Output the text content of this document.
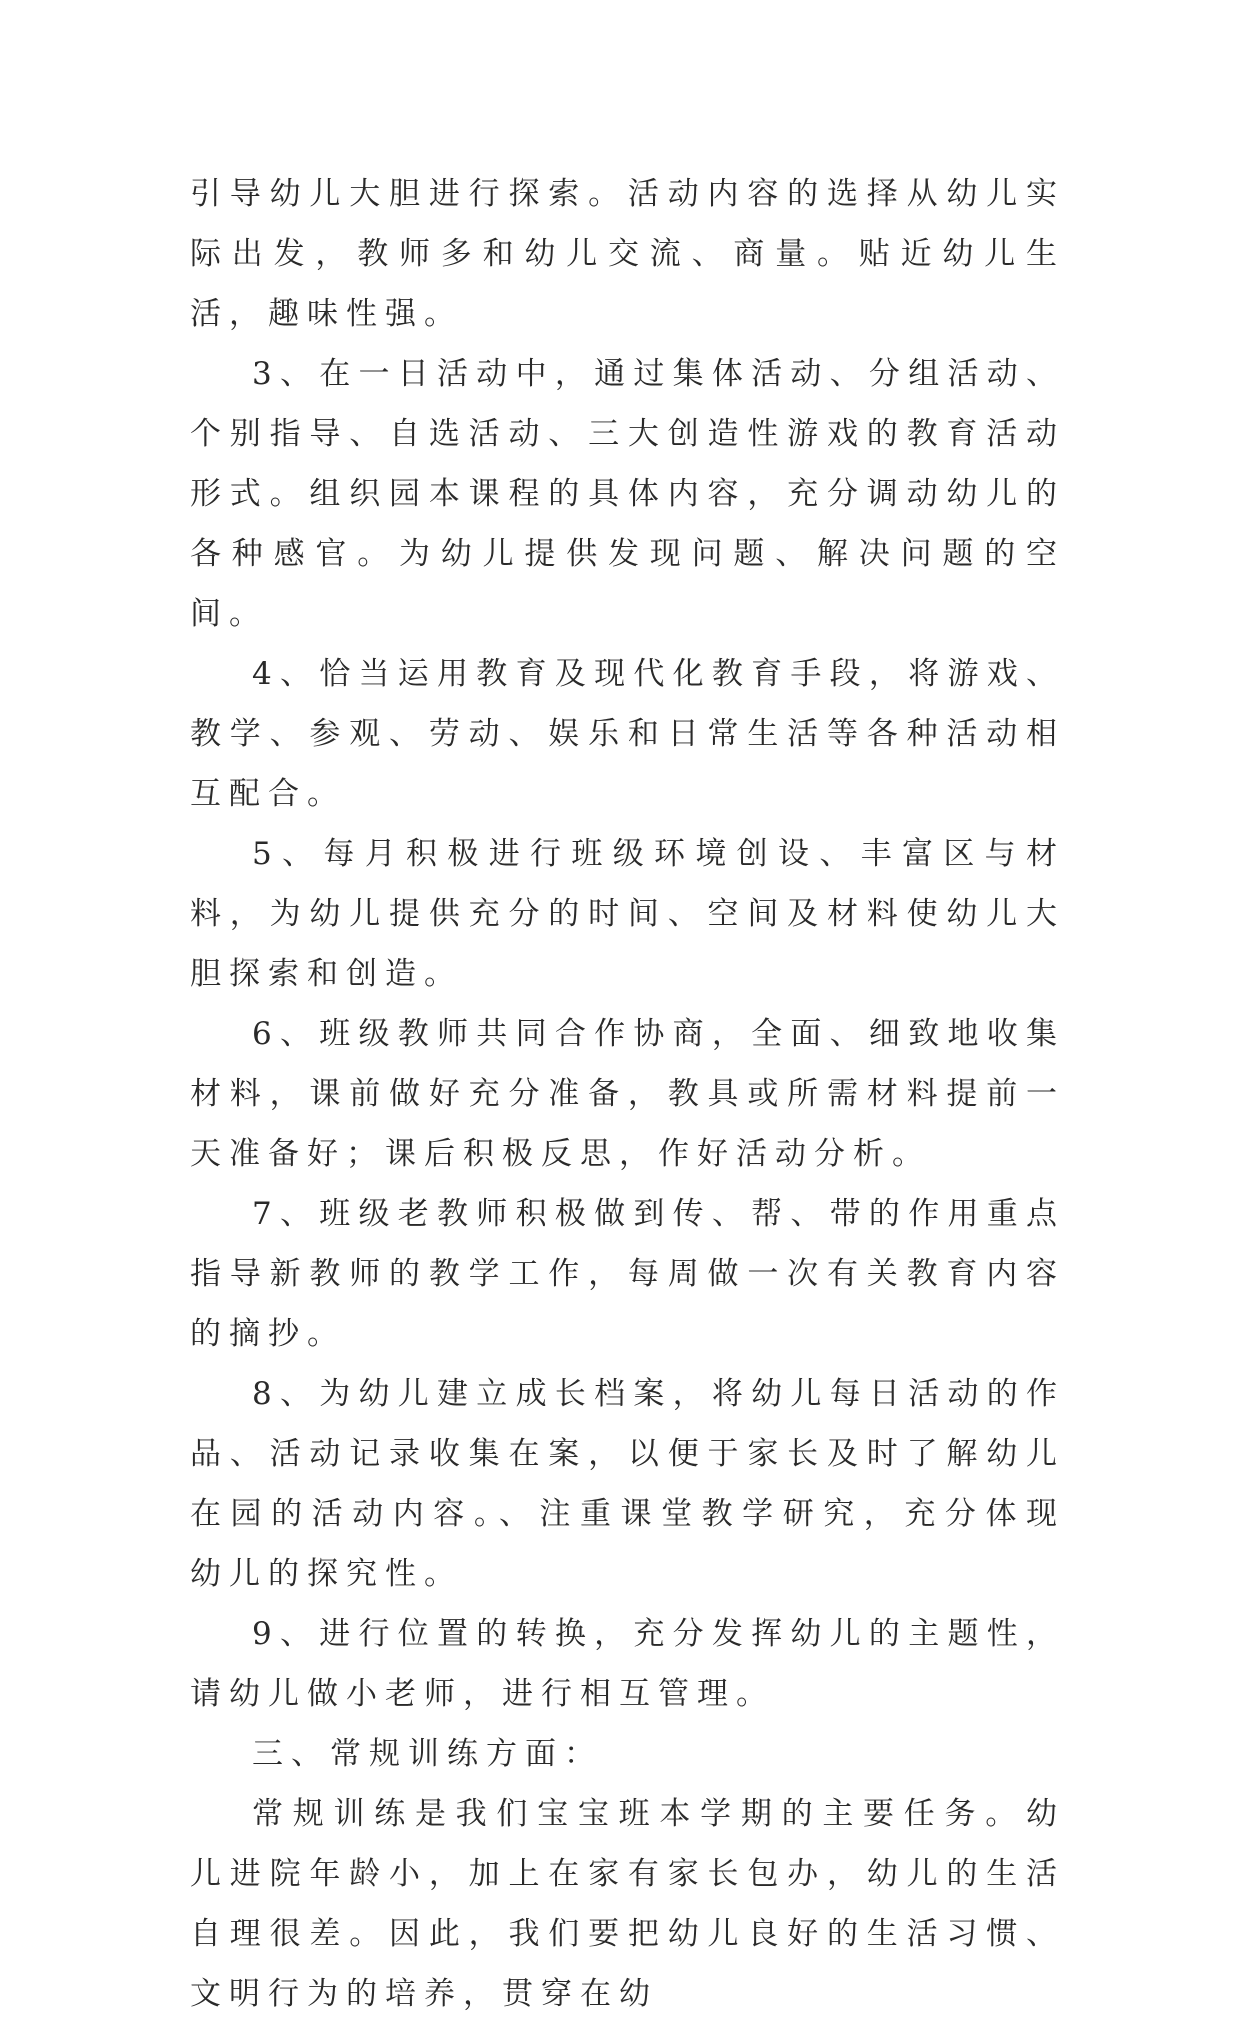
引导幼儿大胆进行探索。活动内容的选择从幼儿实际出发，教师多和幼儿交流、商量。贴近幼儿生活，趣味性强。

3、在一日活动中，通过集体活动、分组活动、个别指导、自选活动、三大创造性游戏的教育活动形式。组织园本课程的具体内容，充分调动幼儿的各种感官。为幼儿提供发现问题、解决问题的空间。

4、恰当运用教育及现代化教育手段，将游戏、教学、参观、劳动、娱乐和日常生活等各种活动相互配合。

5、每月积极进行班级环境创设、丰富区与材料，为幼儿提供充分的时间、空间及材料使幼儿大胆探索和创造。

6、班级教师共同合作协商，全面、细致地收集材料，课前做好充分准备，教具或所需材料提前一天准备好；课后积极反思，作好活动分析。

7、班级老教师积极做到传、帮、带的作用重点指导新教师的教学工作，每周做一次有关教育内容的摘抄。

8、为幼儿建立成长档案，将幼儿每日活动的作品、活动记录收集在案，以便于家长及时了解幼儿在园的活动内容。、注重课堂教学研究，充分体现幼儿的探究性。

9、进行位置的转换，充分发挥幼儿的主题性，请幼儿做小老师，进行相互管理。

三、常规训练方面：

常规训练是我们宝宝班本学期的主要任务。幼儿进院年龄小，加上在家有家长包办，幼儿的生活自理很差。因此，我们要把幼儿良好的生活习惯、文明行为的培养，贯穿在幼
